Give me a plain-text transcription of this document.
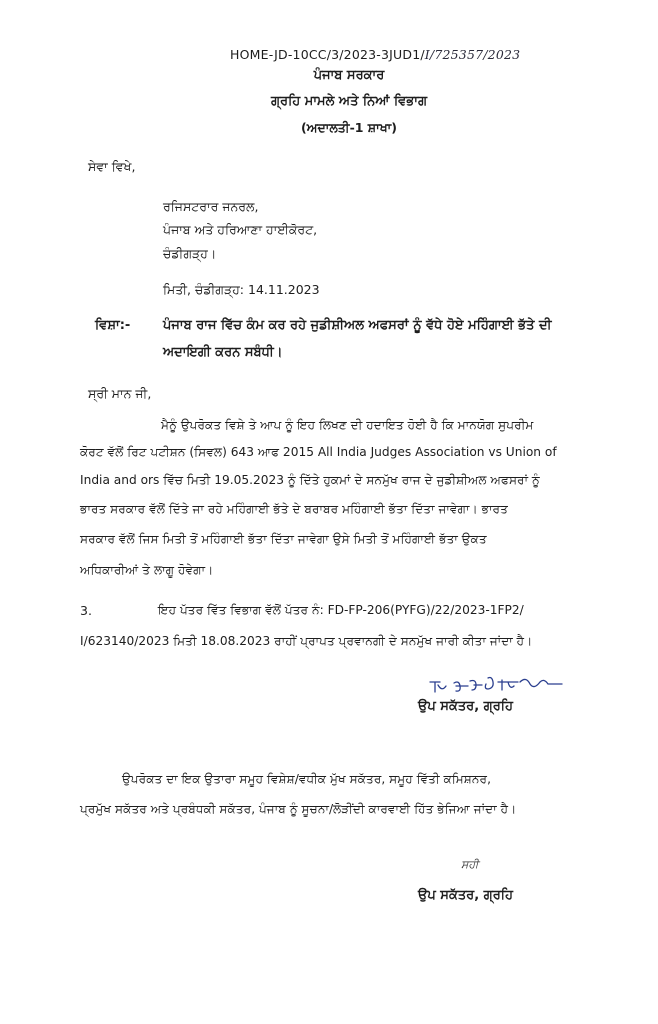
HOME-JD-10CC/3/2023-3JUD1/I/725357/2023
ਪੰਜਾਬ ਸਰਕਾਰ
ਗ੍ਰਹਿ ਮਾਮਲੇ ਅਤੇ ਨਿਆਂ ਵਿਭਾਗ
(ਅਦਾਲਤੀ-1 ਸ਼ਾਖਾ)
ਸੇਵਾ ਵਿਖੇ,
ਰਜਿਸਟਰਾਰ ਜਨਰਲ,
ਪੰਜਾਬ ਅਤੇ ਹਰਿਆਣਾ ਹਾਈਕੋਰਟ,
ਚੰਡੀਗੜ੍ਹ।
ਮਿਤੀ, ਚੰਡੀਗੜ੍ਹ: 14.11.2023
ਵਿਸ਼ਾ:-	ਪੰਜਾਬ ਰਾਜ ਵਿੱਚ ਕੰਮ ਕਰ ਰਹੇ ਜੁਡੀਸ਼ੀਅਲ ਅਫਸਰਾਂ ਨੂੰ ਵੱਧੇ ਹੋਏ ਮਹਿੰਗਾਈ ਭੱਤੇ ਦੀ
ਅਦਾਇਗੀ ਕਰਨ ਸਬੰਧੀ।
ਸ੍ਰੀ ਮਾਨ ਜੀ,
ਮੈਨੂੰ ਉਪਰੋਕਤ ਵਿਸ਼ੇ ਤੇ ਆਪ ਨੂੰ ਇਹ ਲਿਖਣ ਦੀ ਹਦਾਇਤ ਹੋਈ ਹੈ ਕਿ ਮਾਨਯੋਗ ਸੁਪਰੀਮ
ਕੋਰਟ ਵੱਲੋਂ ਰਿਟ ਪਟੀਸ਼ਨ (ਸਿਵਲ) 643 ਆਫ 2015 All India Judges Association vs Union of
India and ors ਵਿੱਚ ਮਿਤੀ 19.05.2023 ਨੂੰ ਦਿੱਤੇ ਹੁਕਮਾਂ ਦੇ ਸਨਮੁੱਖ ਰਾਜ ਦੇ ਜੁਡੀਸ਼ੀਅਲ ਅਫਸਰਾਂ ਨੂੰ
ਭਾਰਤ ਸਰਕਾਰ ਵੱਲੋਂ ਦਿੱਤੇ ਜਾ ਰਹੇ ਮਹਿੰਗਾਈ ਭੱਤੇ ਦੇ ਬਰਾਬਰ ਮਹਿੰਗਾਈ ਭੱਤਾ ਦਿੱਤਾ ਜਾਵੇਗਾ। ਭਾਰਤ
ਸਰਕਾਰ ਵੱਲੋਂ ਜਿਸ ਮਿਤੀ ਤੋਂ ਮਹਿੰਗਾਈ ਭੱਤਾ ਦਿੱਤਾ ਜਾਵੇਗਾ ਉਸੇ ਮਿਤੀ ਤੋਂ ਮਹਿੰਗਾਈ ਭੱਤਾ ਉਕਤ
ਅਧਿਕਾਰੀਆਂ ਤੇ ਲਾਗੂ ਹੋਵੇਗਾ।
3.	ਇਹ ਪੱਤਰ ਵਿੱਤ ਵਿਭਾਗ ਵੱਲੋਂ ਪੱਤਰ ਨੰ: FD-FP-206(PYFG)/22/2023-1FP2/
I/623140/2023 ਮਿਤੀ 18.08.2023 ਰਾਹੀਂ ਪ੍ਰਾਪਤ ਪ੍ਰਵਾਨਗੀ ਦੇ ਸਨਮੁੱਖ ਜਾਰੀ ਕੀਤਾ ਜਾਂਦਾ ਹੈ।
ਉਪ ਸਕੱਤਰ, ਗ੍ਰਹਿ
ਉਪਰੋਕਤ ਦਾ ਇਕ ਉਤਾਰਾ ਸਮੂਹ ਵਿਸ਼ੇਸ਼/ਵਧੀਕ ਮੁੱਖ ਸਕੱਤਰ, ਸਮੂਹ ਵਿੱਤੀ ਕਮਿਸ਼ਨਰ,
ਪ੍ਰਮੁੱਖ ਸਕੱਤਰ ਅਤੇ ਪ੍ਰਬੰਧਕੀ ਸਕੱਤਰ, ਪੰਜਾਬ ਨੂੰ ਸੂਚਨਾ/ਲੋੜੀਂਦੀ ਕਾਰਵਾਈ ਹਿੱਤ ਭੇਜਿਆ ਜਾਂਦਾ ਹੈ।
ਸਹੀ
ਉਪ ਸਕੱਤਰ, ਗ੍ਰਹਿ
